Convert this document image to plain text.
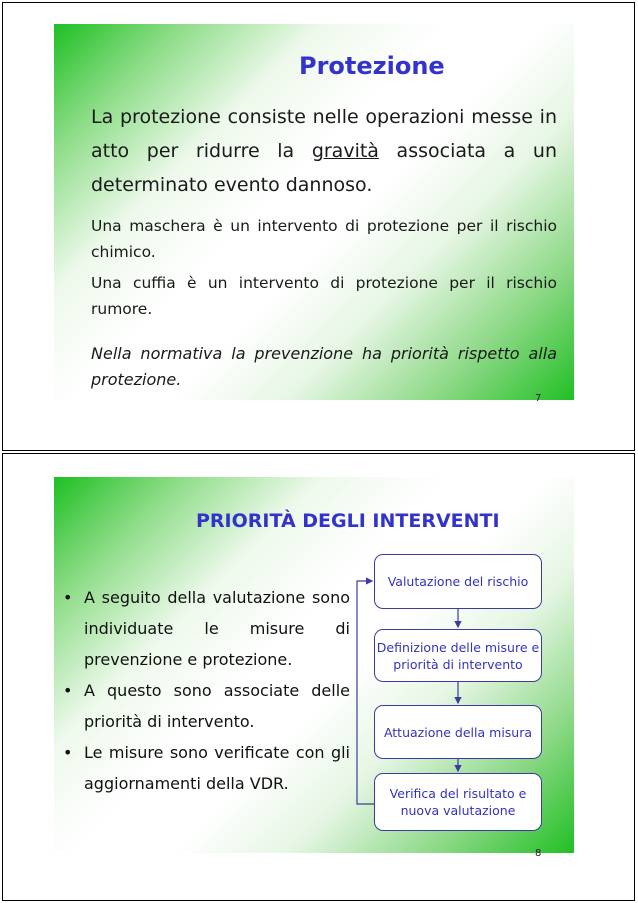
Protezione

La protezione consiste nelle operazioni messe in atto per ridurre la gravità associata a un determinato evento dannoso.

Una maschera è un intervento di protezione per il rischio chimico.

Una cuffia è un intervento di protezione per il rischio rumore.

Nella normativa la prevenzione ha priorità rispetto alla protezione.

7
PRIORITÀ DEGLI INTERVENTI
• A seguito della valutazione sono individuate le misure di prevenzione e protezione.
• A questo sono associate delle priorità di intervento.
• Le misure sono verificate con gli aggiornamenti della VDR.
Valutazione del rischio
Definizione delle misure e priorità di intervento
Attuazione della misura
Verifica del risultato e nuova valutazione
8
